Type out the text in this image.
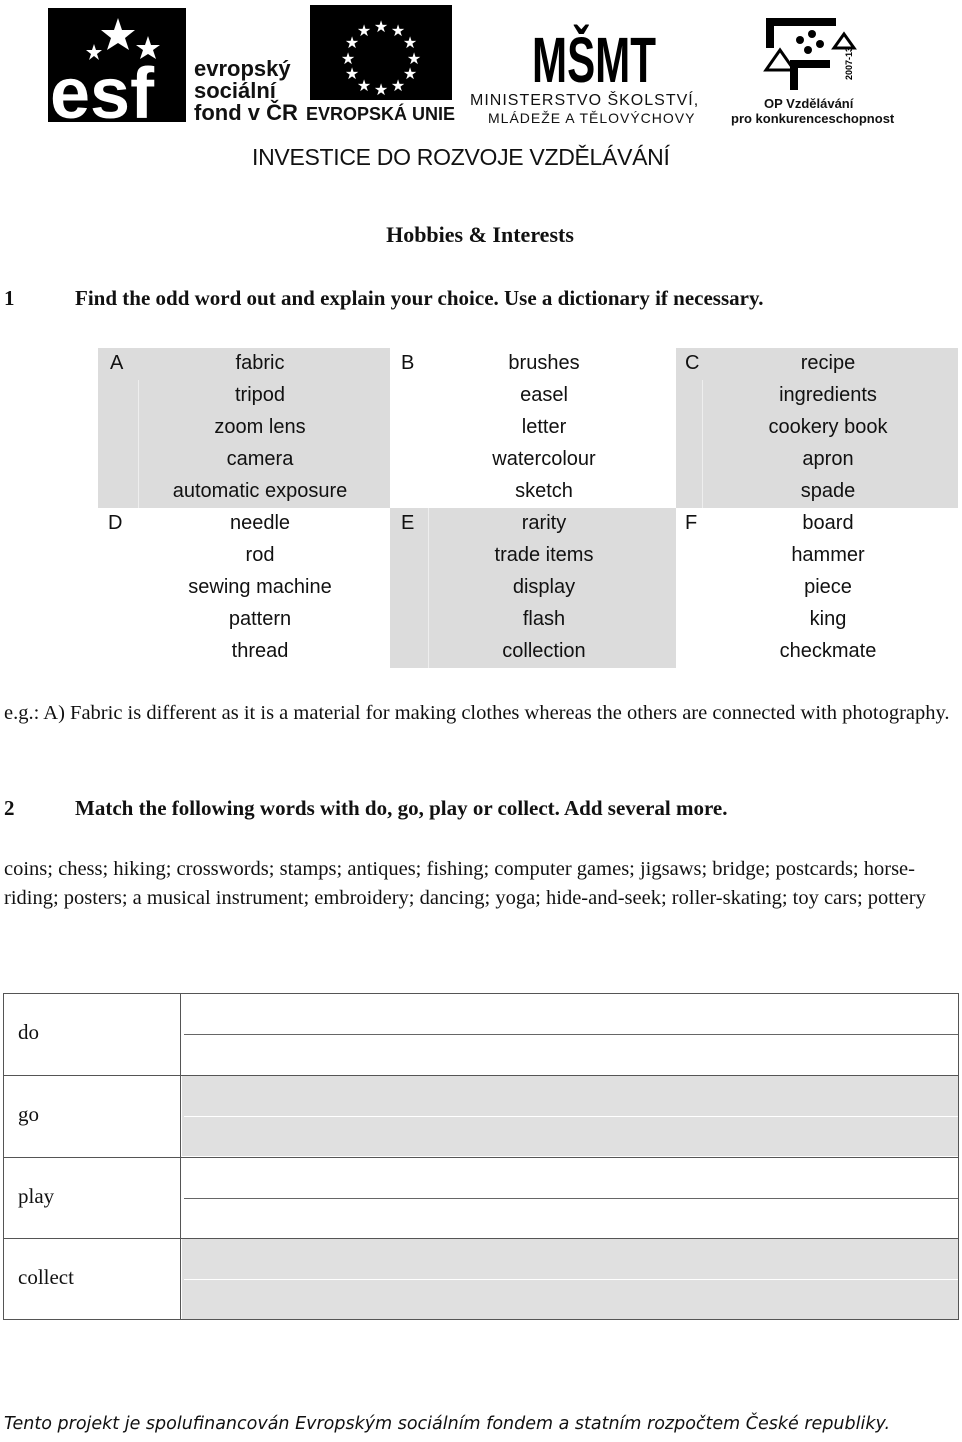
esf evropský
sociální
fond v ČR
★ ★
★
★
★
★
★
★
★
★
★
★
EVROPSKÁ UNIE
MŠMT
MINISTERSTVO ŠKOLSTVÍ,
MLÁDEŽE A TĚLOVÝCHOVY
2007-13
OP Vzdělávání
pro konkurenceschopnost
INVESTICE DO ROZVOJE VZDĚLÁVÁNÍ
Hobbies & Interests
1	Find the odd word out and explain your choice. Use a dictionary if necessary.
A	fabric
tripod
zoom lens
camera
automatic exposure
B	brushes
easel
letter
watercolour
sketch
C	recipe
ingredients
cookery book
apron
spade
D	needle
rod
sewing machine
pattern
thread
E	rarity
trade items
display
flash
collection
F	board
hammer
piece
king
checkmate
e.g.: A) Fabric is different as it is a material for making clothes whereas the others are connected with photography.
2	Match the following words with do, go, play or collect. Add several more.
coins; chess; hiking; crosswords; stamps; antiques; fishing; computer games; jigsaws; bridge; postcards; horse-riding; posters; a musical instrument; embroidery; dancing; yoga; hide-and-seek; roller-skating; toy cars; pottery
do
go
play
collect
Tento projekt je spolufinancován Evropským sociálním fondem a statním rozpočtem České republiky.
